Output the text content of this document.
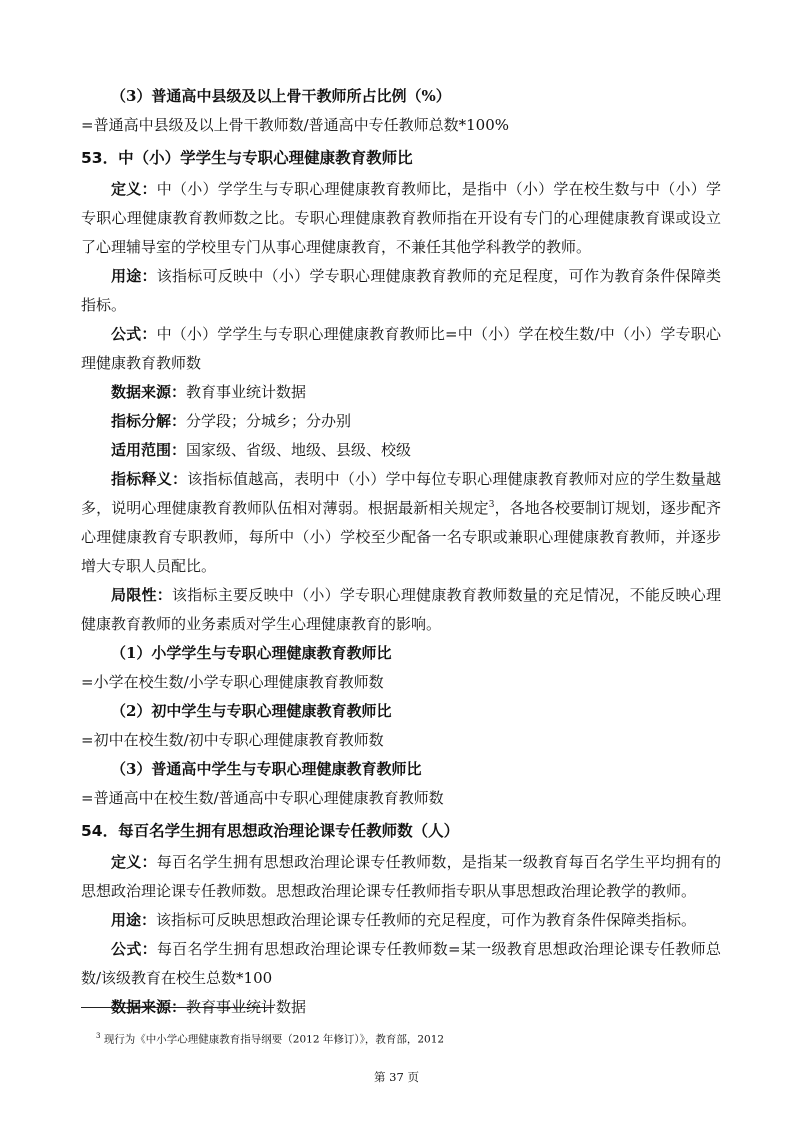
（3）普通高中县级及以上骨干教师所占比例（%）

=普通高中县级及以上骨干教师数/普通高中专任教师总数*100%

53．中（小）学学生与专职心理健康教育教师比

定义：中（小）学学生与专职心理健康教育教师比，是指中（小）学在校生数与中（小）学专职心理健康教育教师数之比。专职心理健康教育教师指在开设有专门的心理健康教育课或设立了心理辅导室的学校里专门从事心理健康教育，不兼任其他学科教学的教师。

用途：该指标可反映中（小）学专职心理健康教育教师的充足程度，可作为教育条件保障类指标。

公式：中（小）学学生与专职心理健康教育教师比=中（小）学在校生数/中（小）学专职心理健康教育教师数

数据来源：教育事业统计数据

指标分解：分学段；分城乡；分办别

适用范围：国家级、省级、地级、县级、校级

指标释义：该指标值越高，表明中（小）学中每位专职心理健康教育教师对应的学生数量越多，说明心理健康教育教师队伍相对薄弱。根据最新相关规定$^3$，各地各校要制订规划，逐步配齐心理健康教育专职教师，每所中（小）学校至少配备一名专职或兼职心理健康教育教师，并逐步增大专职人员配比。

局限性：该指标主要反映中（小）学专职心理健康教育教师数量的充足情况，不能反映心理健康教育教师的业务素质对学生心理健康教育的影响。

（1）小学学生与专职心理健康教育教师比

=小学在校生数/小学专职心理健康教育教师数

（2）初中学生与专职心理健康教育教师比

=初中在校生数/初中专职心理健康教育教师数

（3）普通高中学生与专职心理健康教育教师比

=普通高中在校生数/普通高中专职心理健康教育教师数

54．每百名学生拥有思想政治理论课专任教师数（人）

定义：每百名学生拥有思想政治理论课专任教师数，是指某一级教育每百名学生平均拥有的思想政治理论课专任教师数。思想政治理论课专任教师指专职从事思想政治理论教学的教师。

用途：该指标可反映思想政治理论课专任教师的充足程度，可作为教育条件保障类指标。

公式：每百名学生拥有思想政治理论课专任教师数=某一级教育思想政治理论课专任教师总数/该级教育在校生总数*100

数据来源：教育事业统计数据

$^3$ 现行为《中小学心理健康教育指导纲要（2012 年修订）》，教育部，2012
第 37 页
